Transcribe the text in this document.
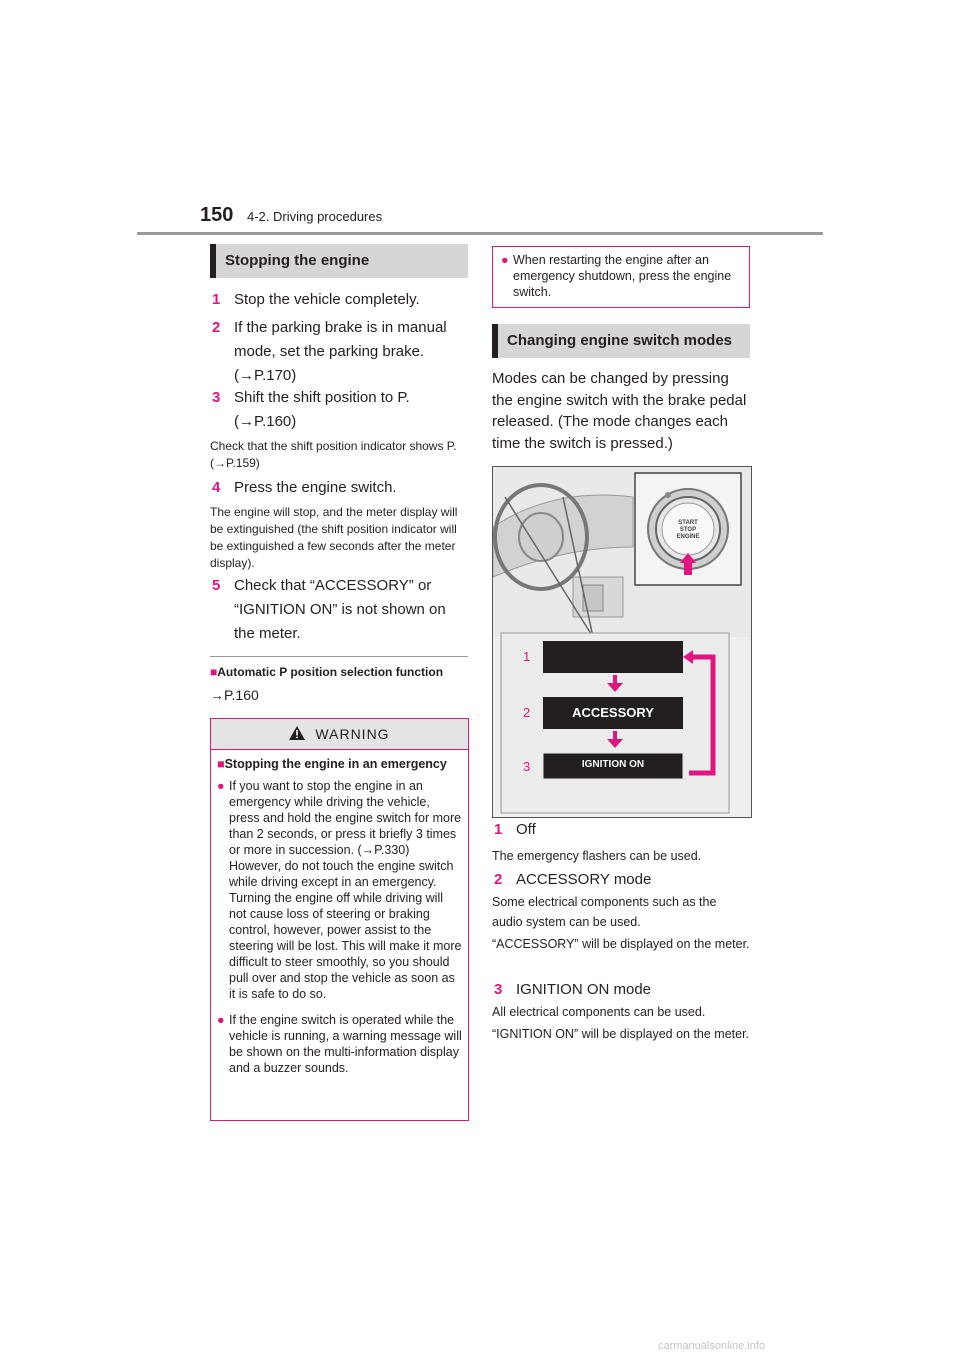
150 4-2. Driving procedures
Stopping the engine
1 Stop the vehicle completely.
2 If the parking brake is in manual mode, set the parking brake. (→P.170)
3 Shift the shift position to P. (→P.160)
Check that the shift position indicator shows P. (→P.159)
4 Press the engine switch.
The engine will stop, and the meter display will be extinguished (the shift position indicator will be extinguished a few seconds after the meter display).
5 Check that “ACCESSORY” or “IGNITION ON” is not shown on the meter.
■Automatic P position selection function
→P.160
WARNING
■Stopping the engine in an emergency
● If you want to stop the engine in an emergency while driving the vehicle, press and hold the engine switch for more than 2 seconds, or press it briefly 3 times or more in succession. (→P.330) However, do not touch the engine switch while driving except in an emergency. Turning the engine off while driving will not cause loss of steering or braking control, however, power assist to the steering will be lost. This will make it more difficult to steer smoothly, so you should pull over and stop the vehicle as soon as it is safe to do so.
● If the engine switch is operated while the vehicle is running, a warning message will be shown on the multi-information display and a buzzer sounds.
● When restarting the engine after an emergency shutdown, press the engine switch.
Changing engine switch modes
Modes can be changed by pressing the engine switch with the brake pedal released. (The mode changes each time the switch is pressed.)
START
STOP
ENGINE
1
2
3
ACCESSORY
IGNITION ON
1 Off
The emergency flashers can be used.
2 ACCESSORY mode
Some electrical components such as the audio system can be used.
“ACCESSORY” will be displayed on the meter.
3 IGNITION ON mode
All electrical components can be used.
“IGNITION ON” will be displayed on the meter.
carmanualsonline.info
